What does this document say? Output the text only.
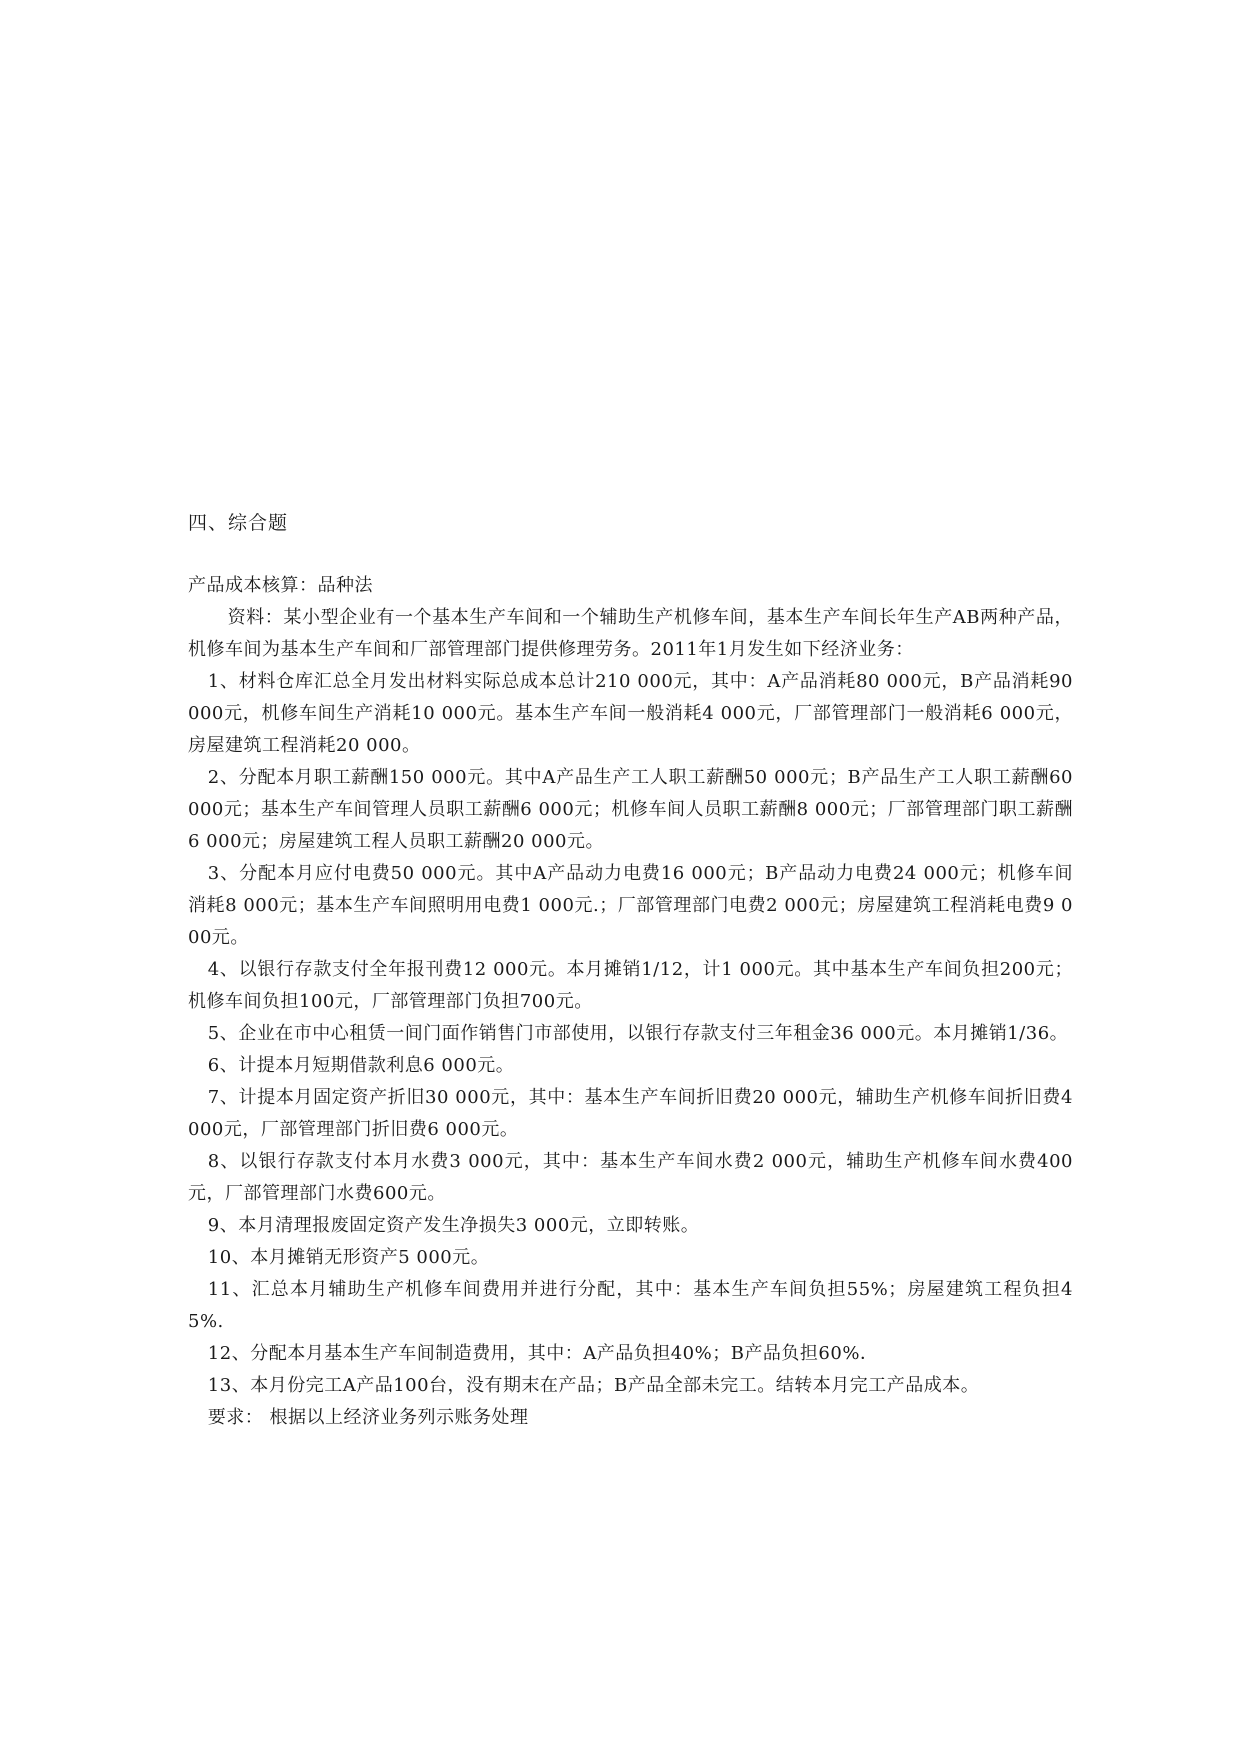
四、综合题

产品成本核算：品种法

资料：某小型企业有一个基本生产车间和一个辅助生产机修车间，基本生产车间长年生产AB两种产品，机修车间为基本生产车间和厂部管理部门提供修理劳务。2011年1月发生如下经济业务：

1、材料仓库汇总全月发出材料实际总成本总计210 000元，其中：A产品消耗80 000元，B产品消耗90 000元，机修车间生产消耗10 000元。基本生产车间一般消耗4 000元，厂部管理部门一般消耗6 000元，房屋建筑工程消耗20 000。

2、分配本月职工薪酬150 000元。其中A产品生产工人职工薪酬50 000元；B产品生产工人职工薪酬60 000元；基本生产车间管理人员职工薪酬6 000元；机修车间人员职工薪酬8 000元；厂部管理部门职工薪酬6 000元；房屋建筑工程人员职工薪酬20 000元。

3、分配本月应付电费50 000元。其中A产品动力电费16 000元；B产品动力电费24 000元；机修车间消耗8 000元；基本生产车间照明用电费1 000元.；厂部管理部门电费2 000元；房屋建筑工程消耗电费9 000元。

4、以银行存款支付全年报刊费12 000元。本月摊销1/12，计1 000元。其中基本生产车间负担200元；机修车间负担100元，厂部管理部门负担700元。

5、企业在市中心租赁一间门面作销售门市部使用，以银行存款支付三年租金36 000元。本月摊销1/36。

6、计提本月短期借款利息6 000元。

7、计提本月固定资产折旧30 000元，其中：基本生产车间折旧费20 000元，辅助生产机修车间折旧费4 000元，厂部管理部门折旧费6 000元。

8、以银行存款支付本月水费3 000元，其中：基本生产车间水费2 000元，辅助生产机修车间水费400元，厂部管理部门水费600元。

9、本月清理报废固定资产发生净损失3 000元，立即转账。

10、本月摊销无形资产5 000元。

11、汇总本月辅助生产机修车间费用并进行分配，其中：基本生产车间负担55%；房屋建筑工程负担45%.

12、分配本月基本生产车间制造费用，其中：A产品负担40%；B产品负担60%．

13、本月份完工A产品100台，没有期末在产品；B产品全部未完工。结转本月完工产品成本。

要求： 根据以上经济业务列示账务处理
